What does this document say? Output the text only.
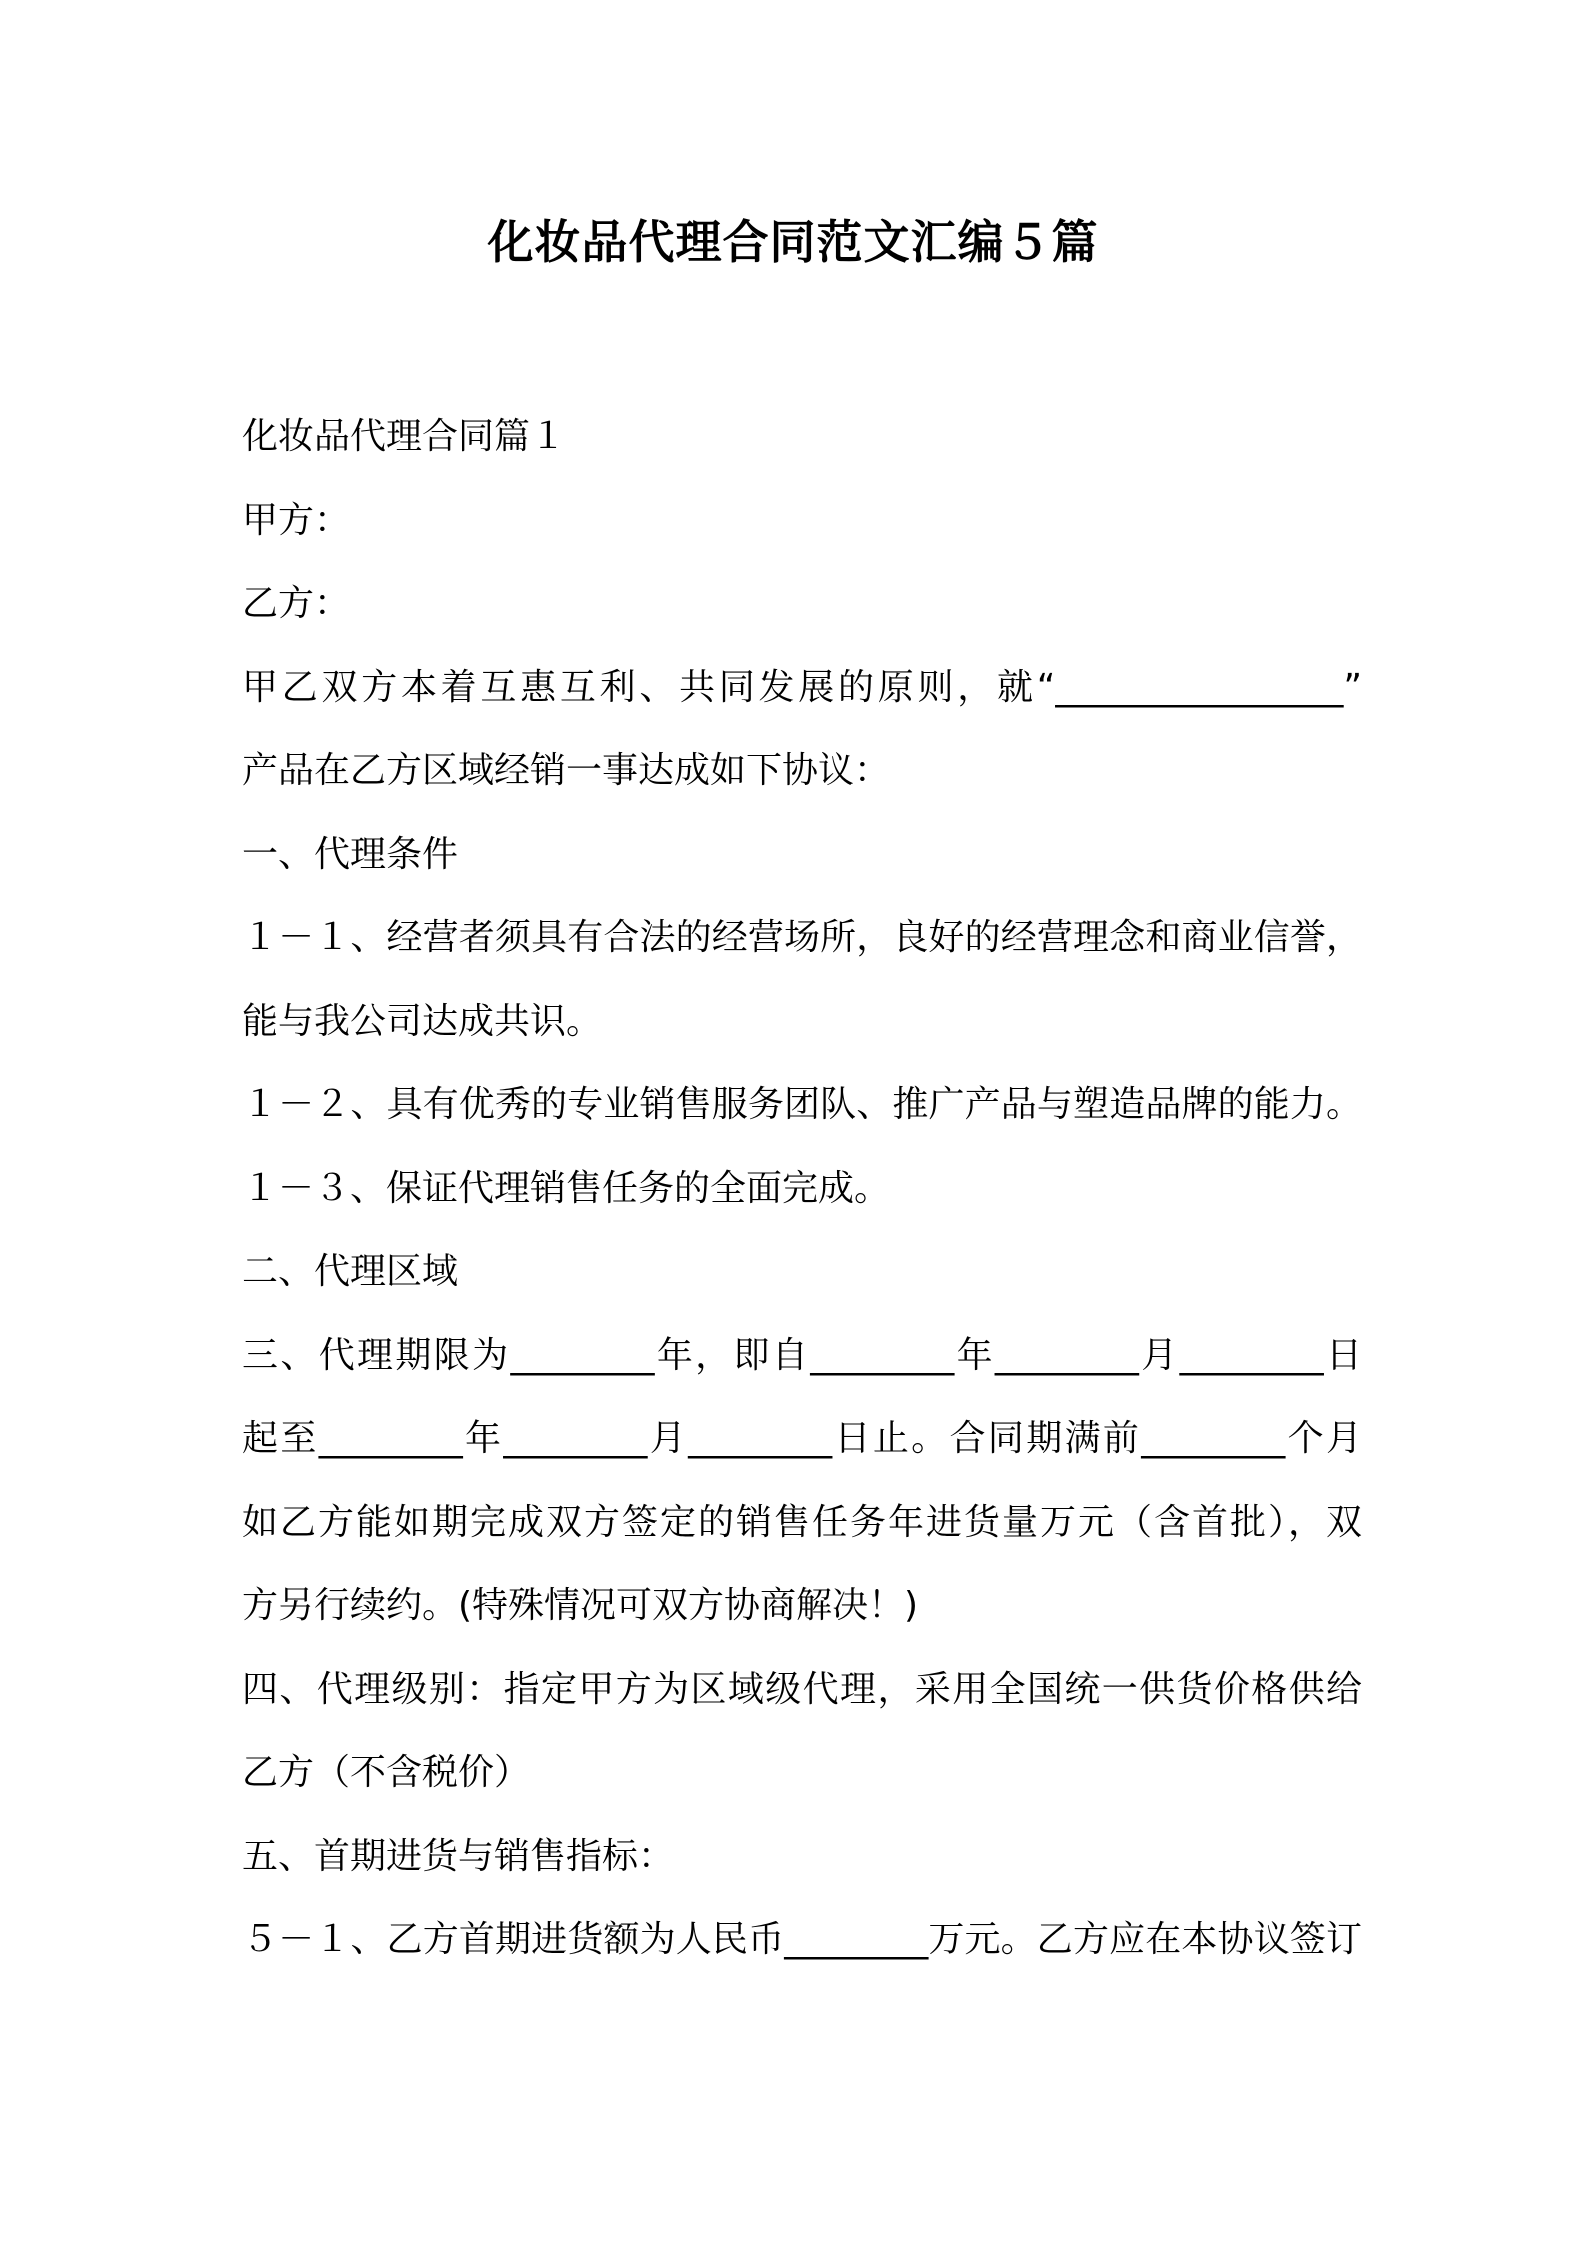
化妆品代理合同范文汇编５篇
化妆品代理合同篇１
甲方：
乙方：
甲乙双方本着互惠互利、共同发展的原则，就“________________”
产品在乙方区域经销一事达成如下协议：
一、代理条件
１－１、经营者须具有合法的经营场所，良好的经营理念和商业信誉，
能与我公司达成共识。
１－２、具有优秀的专业销售服务团队、推广产品与塑造品牌的能力。
１－３、保证代理销售任务的全面完成。
二、代理区域
三、代理期限为________年，即自________年________月________日
起至________年________月________日止。合同期满前________个月
如乙方能如期完成双方签定的销售任务年进货量万元（含首批），双
方另行续约。(特殊情况可双方协商解决！)
四、代理级别：指定甲方为区域级代理，采用全国统一供货价格供给
乙方（不含税价）
五、首期进货与销售指标：
５－１、乙方首期进货额为人民币________万元。乙方应在本协议签订
